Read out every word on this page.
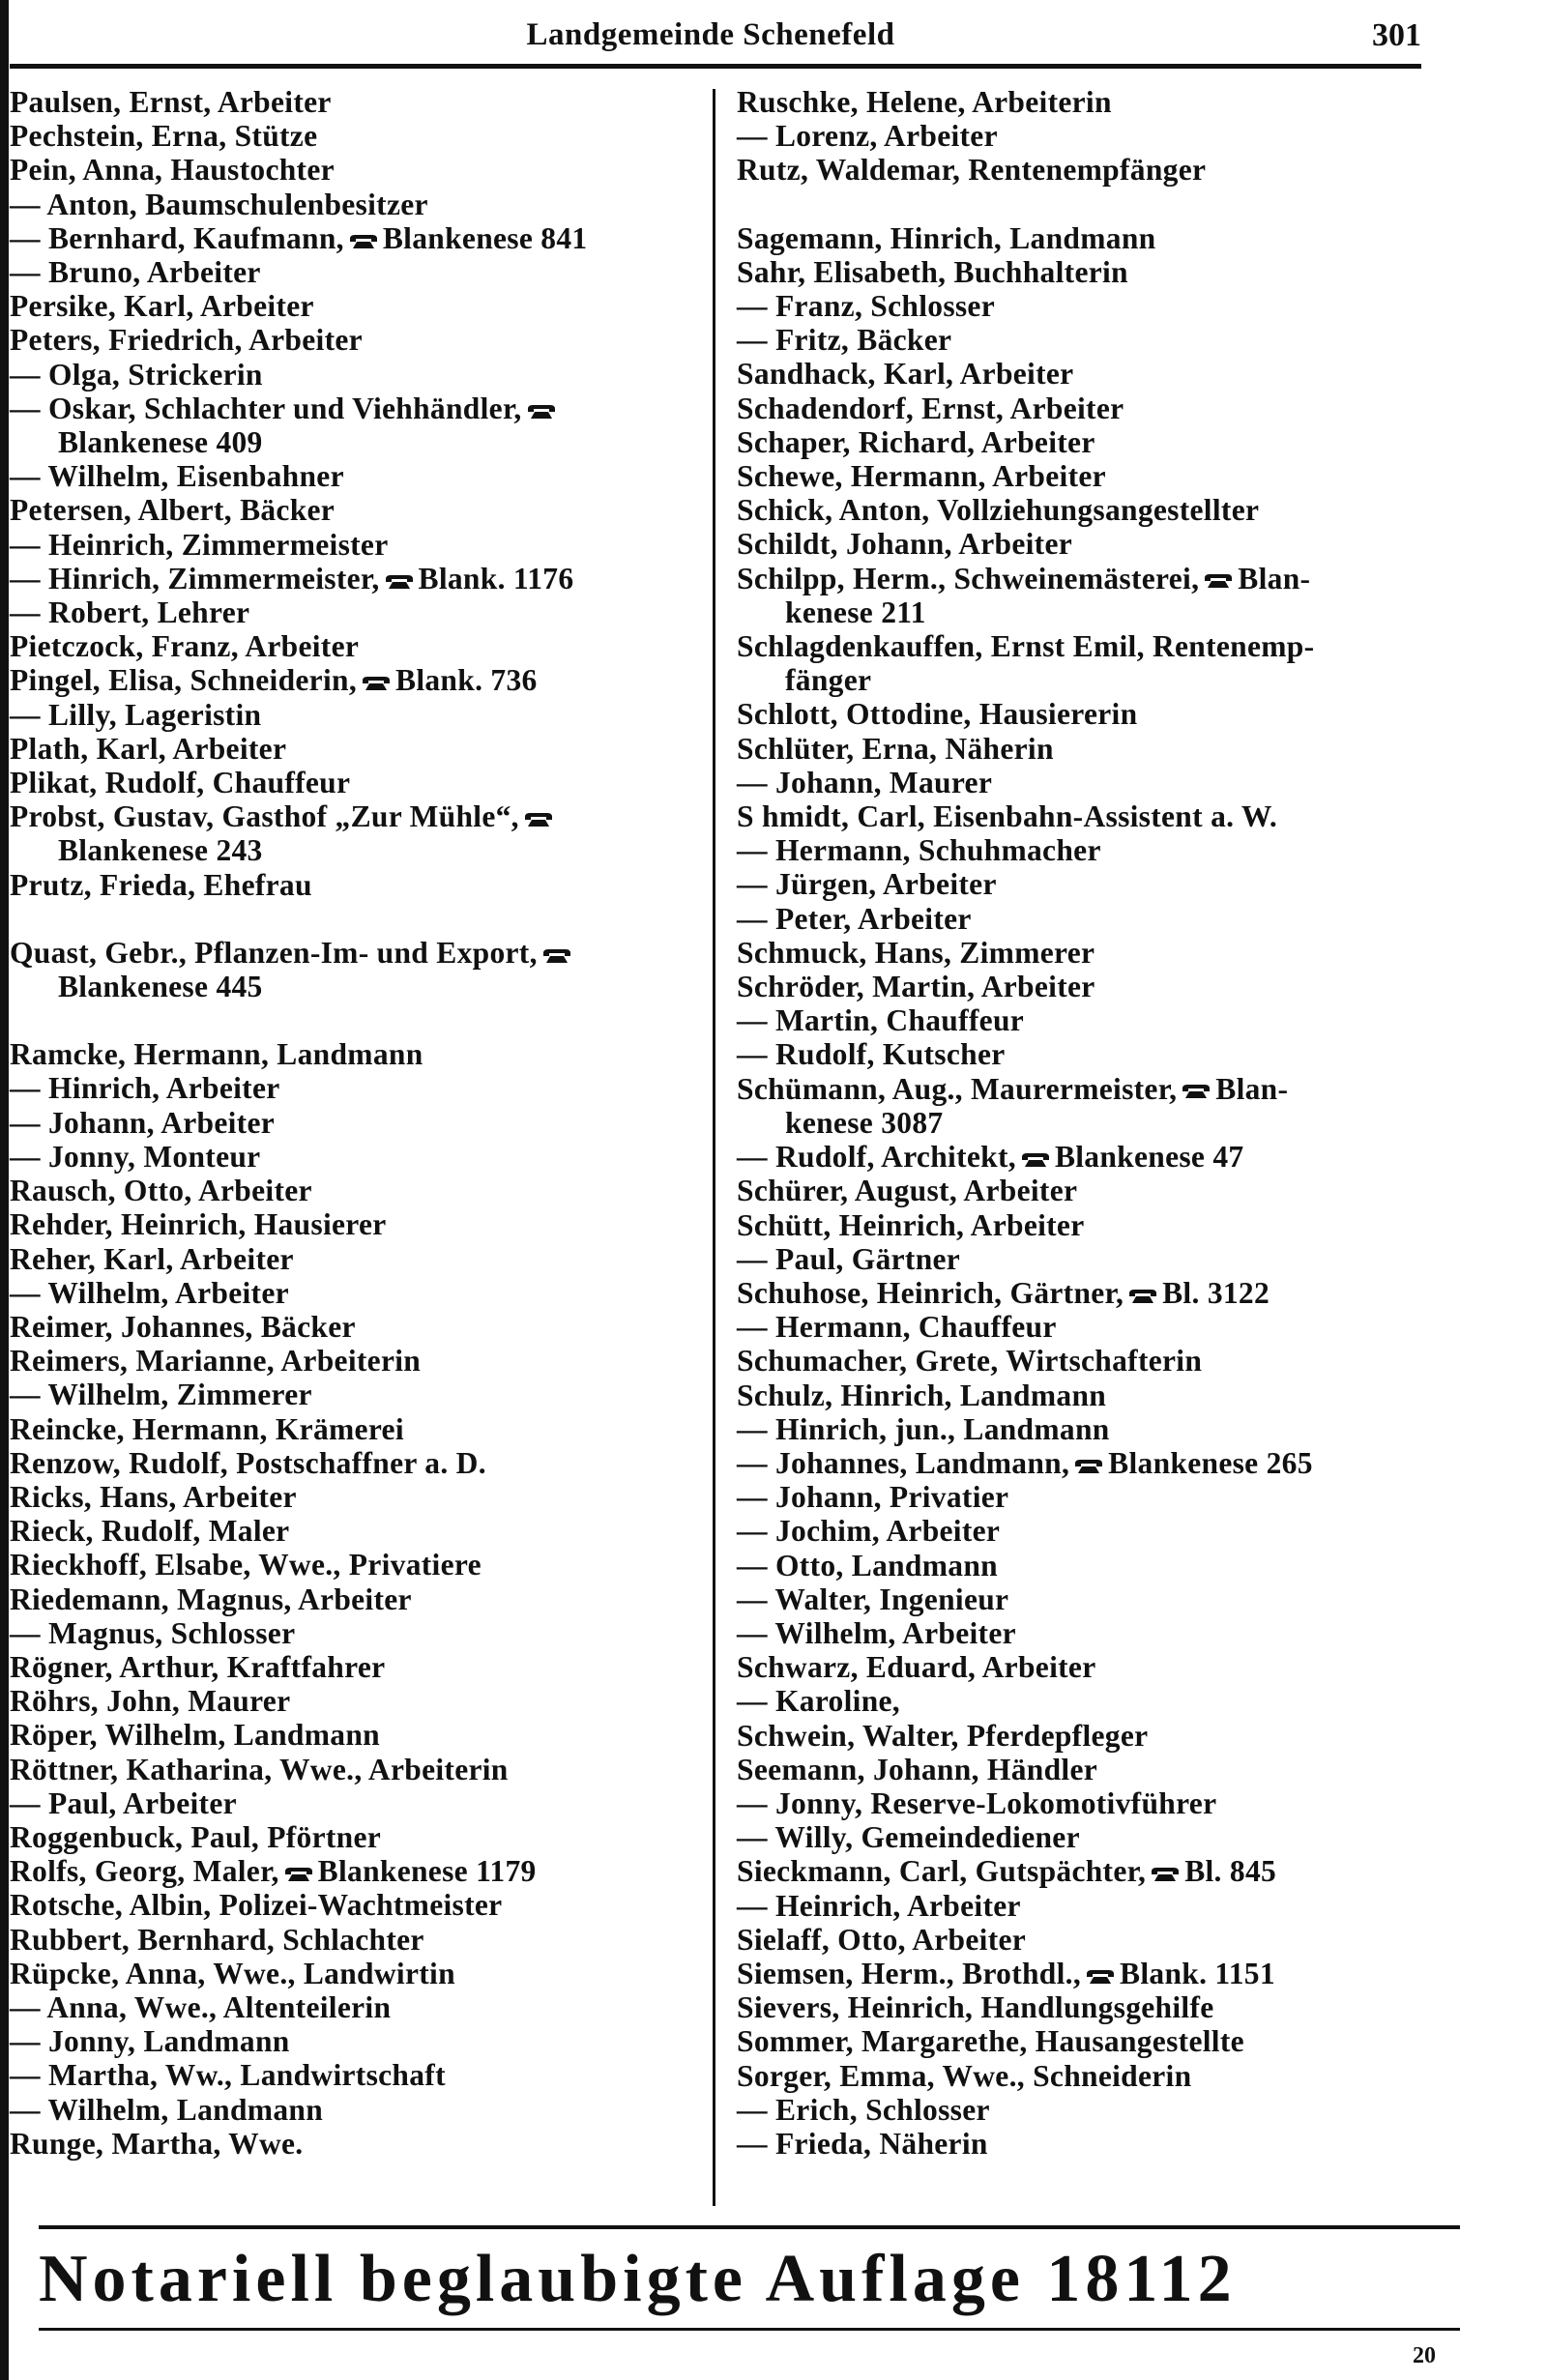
Landgemeinde Schenefeld	301
Paulsen, Ernst, Arbeiter
Pechstein, Erna, Stütze
Pein, Anna, Haustochter
— Anton, Baumschulenbesitzer
— Bernhard, Kaufmann, Blankenese 841
— Bruno, Arbeiter
Persike, Karl, Arbeiter
Peters, Friedrich, Arbeiter
— Olga, Strickerin
— Oskar, Schlachter und Viehhändler,
Blankenese 409
— Wilhelm, Eisenbahner
Petersen, Albert, Bäcker
— Heinrich, Zimmermeister
— Hinrich, Zimmermeister, Blank. 1176
— Robert, Lehrer
Pietczock, Franz, Arbeiter
Pingel, Elisa, Schneiderin, Blank. 736
— Lilly, Lageristin
Plath, Karl, Arbeiter
Plikat, Rudolf, Chauffeur
Probst, Gustav, Gasthof „Zur Mühle“,
Blankenese 243
Prutz, Frieda, Ehefrau
Quast, Gebr., Pflanzen-Im- und Export,
Blankenese 445
Ramcke, Hermann, Landmann
— Hinrich, Arbeiter
— Johann, Arbeiter
— Jonny, Monteur
Rausch, Otto, Arbeiter
Rehder, Heinrich, Hausierer
Reher, Karl, Arbeiter
— Wilhelm, Arbeiter
Reimer, Johannes, Bäcker
Reimers, Marianne, Arbeiterin
— Wilhelm, Zimmerer
Reincke, Hermann, Krämerei
Renzow, Rudolf, Postschaffner a. D.
Ricks, Hans, Arbeiter
Rieck, Rudolf, Maler
Rieckhoff, Elsabe, Wwe., Privatiere
Riedemann, Magnus, Arbeiter
— Magnus, Schlosser
Rögner, Arthur, Kraftfahrer
Röhrs, John, Maurer
Röper, Wilhelm, Landmann
Röttner, Katharina, Wwe., Arbeiterin
— Paul, Arbeiter
Roggenbuck, Paul, Pförtner
Rolfs, Georg, Maler, Blankenese 1179
Rotsche, Albin, Polizei-Wachtmeister
Rubbert, Bernhard, Schlachter
Rüpcke, Anna, Wwe., Landwirtin
— Anna, Wwe., Altenteilerin
— Jonny, Landmann
— Martha, Ww., Landwirtschaft
— Wilhelm, Landmann
Runge, Martha, Wwe.
Ruschke, Helene, Arbeiterin
— Lorenz, Arbeiter
Rutz, Waldemar, Rentenempfänger
Sagemann, Hinrich, Landmann
Sahr, Elisabeth, Buchhalterin
— Franz, Schlosser
— Fritz, Bäcker
Sandhack, Karl, Arbeiter
Schadendorf, Ernst, Arbeiter
Schaper, Richard, Arbeiter
Schewe, Hermann, Arbeiter
Schick, Anton, Vollziehungsangestellter
Schildt, Johann, Arbeiter
Schilpp, Herm., Schweinemästerei, Blan-
kenese 211
Schlagdenkauffen, Ernst Emil, Rentenemp-
fänger
Schlott, Ottodine, Hausiererin
Schlüter, Erna, Näherin
— Johann, Maurer
S hmidt, Carl, Eisenbahn-Assistent a. W.
— Hermann, Schuhmacher
— Jürgen, Arbeiter
— Peter, Arbeiter
Schmuck, Hans, Zimmerer
Schröder, Martin, Arbeiter
— Martin, Chauffeur
— Rudolf, Kutscher
Schümann, Aug., Maurermeister, Blan-
kenese 3087
— Rudolf, Architekt, Blankenese 47
Schürer, August, Arbeiter
Schütt, Heinrich, Arbeiter
— Paul, Gärtner
Schuhose, Heinrich, Gärtner, Bl. 3122
— Hermann, Chauffeur
Schumacher, Grete, Wirtschafterin
Schulz, Hinrich, Landmann
— Hinrich, jun., Landmann
— Johannes, Landmann, Blankenese 265
— Johann, Privatier
— Jochim, Arbeiter
— Otto, Landmann
— Walter, Ingenieur
— Wilhelm, Arbeiter
Schwarz, Eduard, Arbeiter
— Karoline,
Schwein, Walter, Pferdepfleger
Seemann, Johann, Händler
— Jonny, Reserve-Lokomotivführer
— Willy, Gemeindediener
Sieckmann, Carl, Gutspächter, Bl. 845
— Heinrich, Arbeiter
Sielaff, Otto, Arbeiter
Siemsen, Herm., Brothdl., Blank. 1151
Sievers, Heinrich, Handlungsgehilfe
Sommer, Margarethe, Hausangestellte
Sorger, Emma, Wwe., Schneiderin
— Erich, Schlosser
— Frieda, Näherin
Notariell beglaubigte Auflage 18112
20
